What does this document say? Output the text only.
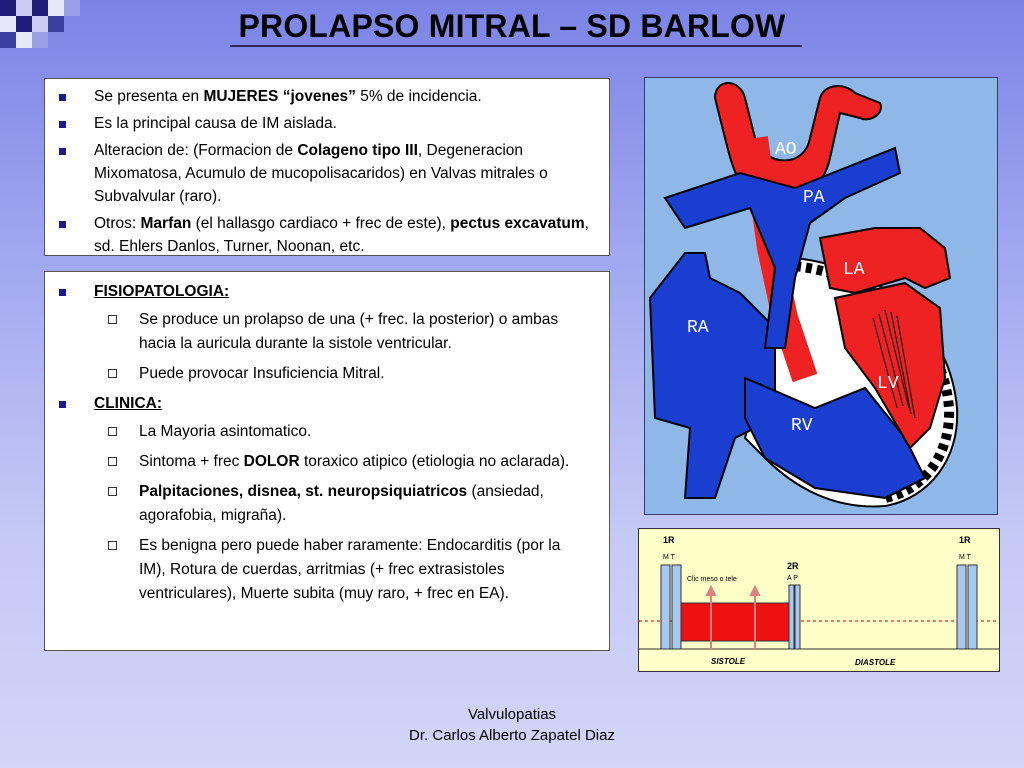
PROLAPSO MITRAL – SD BARLOW
Se presenta en MUJERES “jovenes” 5% de incidencia.
Es la principal causa de IM aislada.
Alteracion de: (Formacion de Colageno tipo III, Degeneracion Mixomatosa, Acumulo de mucopolisacaridos) en Valvas mitrales o Subvalvular (raro).
Otros: Marfan (el hallasgo cardiaco + frec de este), pectus excavatum, sd. Ehlers Danlos, Turner, Noonan, etc.
FISIOPATOLOGIA:
Se produce un prolapso de una (+ frec. la posterior) o ambas hacia la auricula durante la sistole ventricular.
Puede provocar Insuficiencia Mitral.
CLINICA:
La Mayoria asintomatico.
Sintoma + frec DOLOR toraxico atipico (etiologia no aclarada).
Palpitaciones, disnea, st. neuropsiquiatricos (ansiedad, agorafobia, migraña).
Es benigna pero puede haber raramente: Endocarditis (por la IM), Rotura de cuerdas, arritmias (+ frec extrasistoles ventriculares), Muerte subita (muy raro, + frec en EA).
AO
PA
LA
RA
LV
RV
1R
M T
Clic meso o tele
2R
A P
1R
M T
SISTOLE	DIASTOLE
Valvulopatias
Dr. Carlos Alberto Zapatel Diaz
